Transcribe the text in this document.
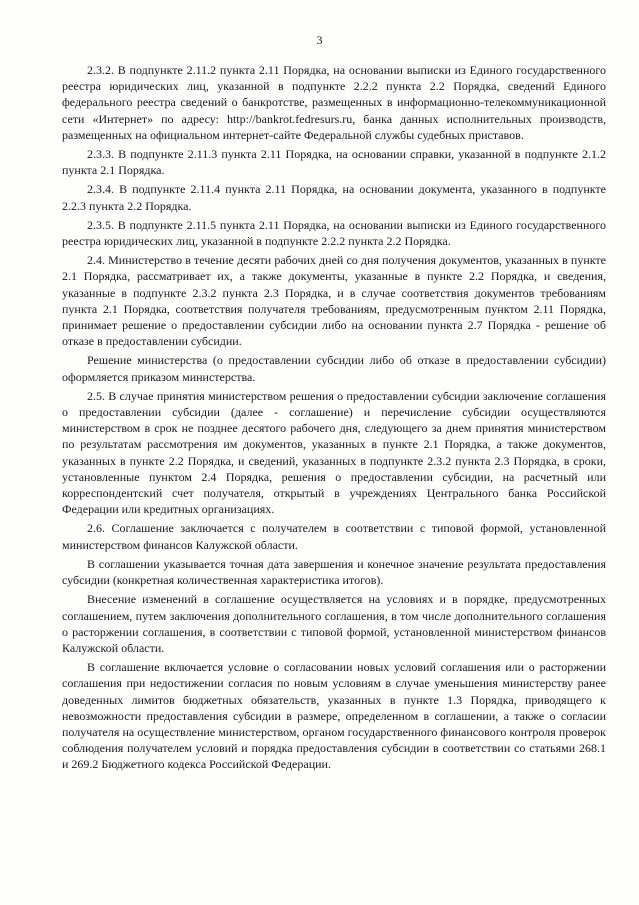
3

2.3.2. В подпункте 2.11.2 пункта 2.11 Порядка, на основании выписки из Единого государственного реестра юридических лиц, указанной в подпункте 2.2.2 пункта 2.2 Порядка, сведений Единого федерального реестра сведений о банкротстве, размещенных в информационно-телекоммуникационной сети «Интернет» по адресу: http://bankrot.fedresurs.ru, банка данных исполнительных производств, размещенных на официальном интернет-сайте Федеральной службы судебных приставов.

2.3.3. В подпункте 2.11.3 пункта 2.11 Порядка, на основании справки, указанной в подпункте 2.1.2 пункта 2.1 Порядка.

2.3.4. В подпункте 2.11.4 пункта 2.11 Порядка, на основании документа, указанного в подпункте 2.2.3 пункта 2.2 Порядка.

2.3.5. В подпункте 2.11.5 пункта 2.11 Порядка, на основании выписки из Единого государственного реестра юридических лиц, указанной в подпункте 2.2.2 пункта 2.2 Порядка.

2.4. Министерство в течение десяти рабочих дней со дня получения документов, указанных в пункте 2.1 Порядка, рассматривает их, а также документы, указанные в пункте 2.2 Порядка, и сведения, указанные в подпункте 2.3.2 пункта 2.3 Порядка, и в случае соответствия документов требованиям пункта 2.1 Порядка, соответствия получателя требованиям, предусмотренным пунктом 2.11 Порядка, принимает решение о предоставлении субсидии либо на основании пункта 2.7 Порядка - решение об отказе в предоставлении субсидии.

Решение министерства (о предоставлении субсидии либо об отказе в предоставлении субсидии) оформляется приказом министерства.

2.5. В случае принятия министерством решения о предоставлении субсидии заключение соглашения о предоставлении субсидии (далее - соглашение) и перечисление субсидии осуществляются министерством в срок не позднее десятого рабочего дня, следующего за днем принятия министерством по результатам рассмотрения им документов, указанных в пункте 2.1 Порядка, а также документов, указанных в пункте 2.2 Порядка, и сведений, указанных в подпункте 2.3.2 пункта 2.3 Порядка, в сроки, установленные пунктом 2.4 Порядка, решения о предоставлении субсидии, на расчетный или корреспондентский счет получателя, открытый в учреждениях Центрального банка Российской Федерации или кредитных организациях.

2.6. Соглашение заключается с получателем в соответствии с типовой формой, установленной министерством финансов Калужской области.

В соглашении указывается точная дата завершения и конечное значение результата предоставления субсидии (конкретная количественная характеристика итогов).

Внесение изменений в соглашение осуществляется на условиях и в порядке, предусмотренных соглашением, путем заключения дополнительного соглашения, в том числе дополнительного соглашения о расторжении соглашения, в соответствии с типовой формой, установленной министерством финансов Калужской области.

В соглашение включается условие о согласовании новых условий соглашения или о расторжении соглашения при недостижении согласия по новым условиям в случае уменьшения министерству ранее доведенных лимитов бюджетных обязательств, указанных в пункте 1.3 Порядка, приводящего к невозможности предоставления субсидии в размере, определенном в соглашении, а также о согласии получателя на осуществление министерством, органом государственного финансового контроля проверок соблюдения получателем условий и порядка предоставления субсидии в соответствии со статьями 268.1 и 269.2 Бюджетного кодекса Российской Федерации.
